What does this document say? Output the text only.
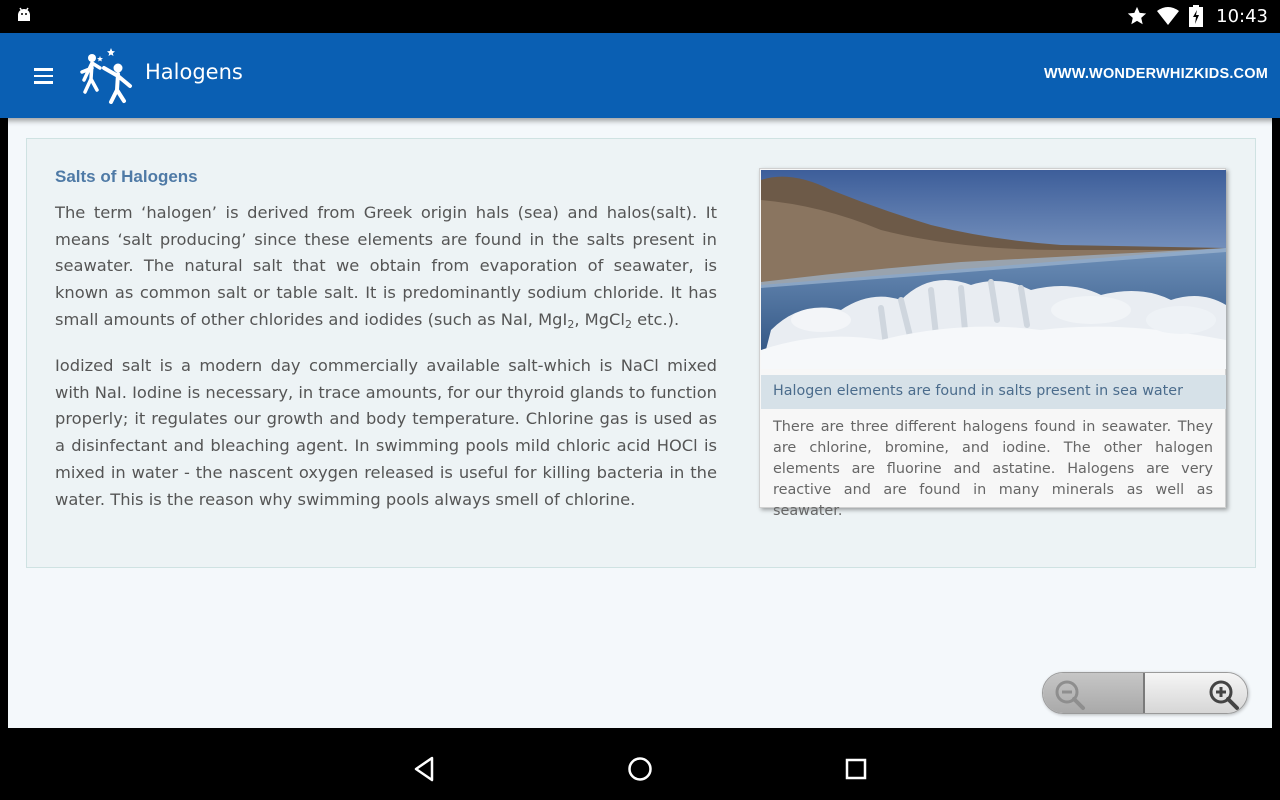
10:43
Halogens	WWW.WONDERWHIZKIDS.COM
Salts of Halogens

The term ‘halogen’ is derived from Greek origin hals (sea) and halos(salt). It means ‘salt producing’ since these elements are found in the salts present in seawater. The natural salt that we obtain from evaporation of seawater, is known as common salt or table salt. It is predominantly sodium chloride. It has small amounts of other chlorides and iodides (such as NaI, MgI$_2$, MgCl$_2$ etc.).

Iodized salt is a modern day commercially available salt-which is NaCl mixed with NaI. Iodine is necessary, in trace amounts, for our thyroid glands to function properly; it regulates our growth and body temperature. Chlorine gas is used as a disinfectant and bleaching agent. In swimming pools mild chloric acid HOCl is mixed in water - the nascent oxygen released is useful for killing bacteria in the water. This is the reason why swimming pools always smell of chlorine.

Halogen elements are found in salts present in sea water
There are three different halogens found in seawater. They are chlorine, bromine, and iodine. The other halogen elements are fluorine and astatine. Halogens are very reactive and are found in many minerals as well as seawater.
